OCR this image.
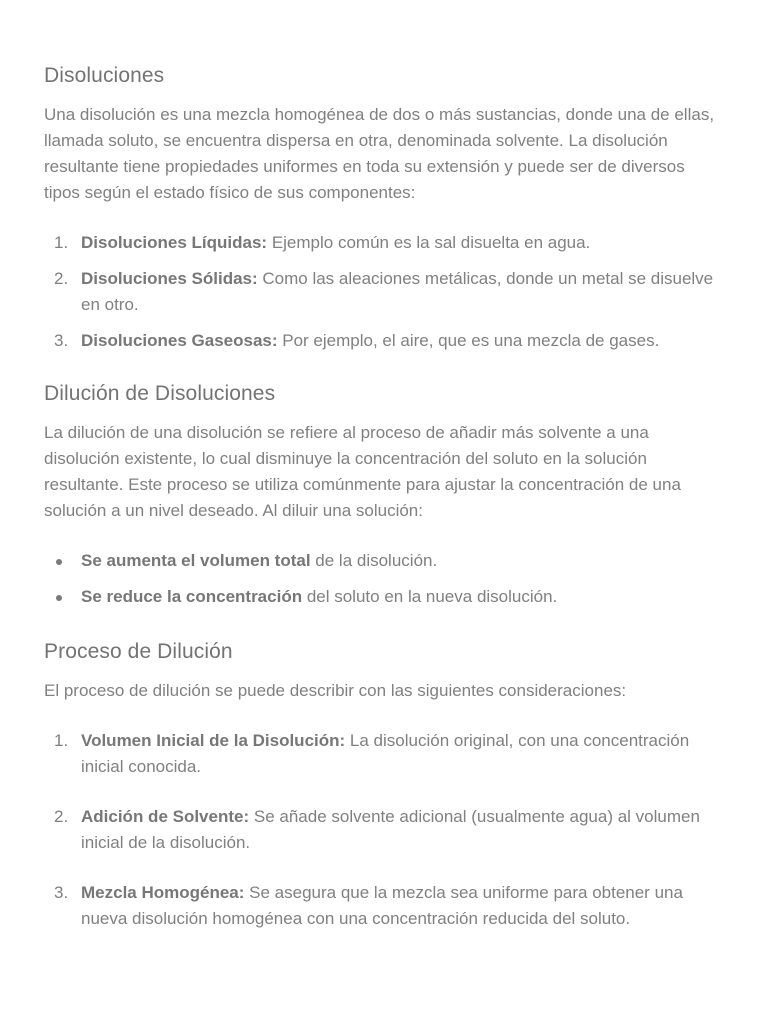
Disoluciones

Una disolución es una mezcla homogénea de dos o más sustancias, donde una de ellas, llamada soluto, se encuentra dispersa en otra, denominada solvente. La disolución resultante tiene propiedades uniformes en toda su extensión y puede ser de diversos tipos según el estado físico de sus componentes:

1. Disoluciones Líquidas: Ejemplo común es la sal disuelta en agua.
2. Disoluciones Sólidas: Como las aleaciones metálicas, donde un metal se disuelve en otro.
3. Disoluciones Gaseosas: Por ejemplo, el aire, que es una mezcla de gases.
Dilución de Disoluciones

La dilución de una disolución se refiere al proceso de añadir más solvente a una disolución existente, lo cual disminuye la concentración del soluto en la solución resultante. Este proceso se utiliza comúnmente para ajustar la concentración de una solución a un nivel deseado. Al diluir una solución:

Se aumenta el volumen total de la disolución.
Se reduce la concentración del soluto en la nueva disolución.
Proceso de Dilución

El proceso de dilución se puede describir con las siguientes consideraciones:

1. Volumen Inicial de la Disolución: La disolución original, con una concentración inicial conocida.
2. Adición de Solvente: Se añade solvente adicional (usualmente agua) al volumen inicial de la disolución.
3. Mezcla Homogénea: Se asegura que la mezcla sea uniforme para obtener una nueva disolución homogénea con una concentración reducida del soluto.
